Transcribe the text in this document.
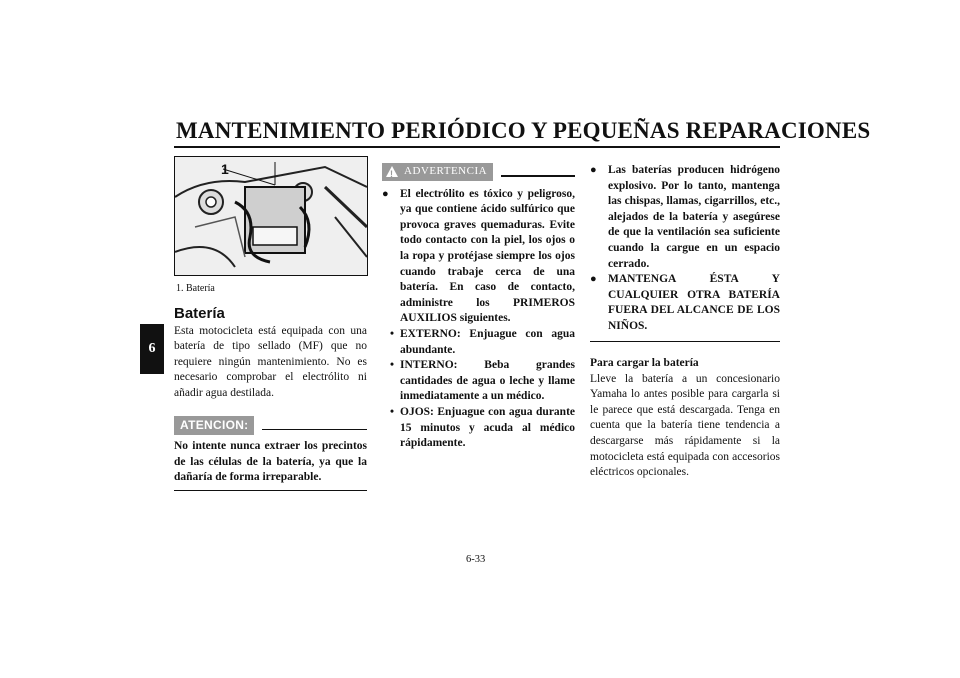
MANTENIMIENTO PERIÓDICO Y PEQUEÑAS REPARACIONES
6
1
1. Batería
Batería
Esta motocicleta está equipada con una batería de tipo sellado (MF) que no requiere ningún mantenimiento. No es necesario comprobar el electrólito ni añadir agua destilada.
ATENCION:
No intente nunca extraer los precintos de las células de la batería, ya que la dañaría de forma irreparable.
!
ADVERTENCIA
● El electrólito es tóxico y peligroso, ya que contiene ácido sulfúrico que provoca graves quemaduras. Evite todo contacto con la piel, los ojos o la ropa y protéjase siempre los ojos cuando trabaje cerca de una batería. En caso de contacto, administre los PRIMEROS AUXILIOS siguientes.
• EXTERNO: Enjuague con agua abundante.
• INTERNO: Beba grandes cantidades de agua o leche y llame inmediatamente a un médico.
• OJOS: Enjuague con agua durante 15 minutos y acuda al médico rápidamente.
● Las baterías producen hidrógeno explosivo. Por lo tanto, mantenga las chispas, llamas, cigarrillos, etc., alejados de la batería y asegúrese de que la ventilación sea suficiente cuando la cargue en un espacio cerrado.
● MANTENGA ÉSTA Y CUALQUIER OTRA BATERÍA FUERA DEL ALCANCE DE LOS NIÑOS.
Para cargar la batería
Lleve la batería a un concesionario Yamaha lo antes posible para cargarla si le parece que está descargada. Tenga en cuenta que la batería tiene tendencia a descargarse más rápidamente si la motocicleta está equipada con accesorios eléctricos opcionales.
6-33
